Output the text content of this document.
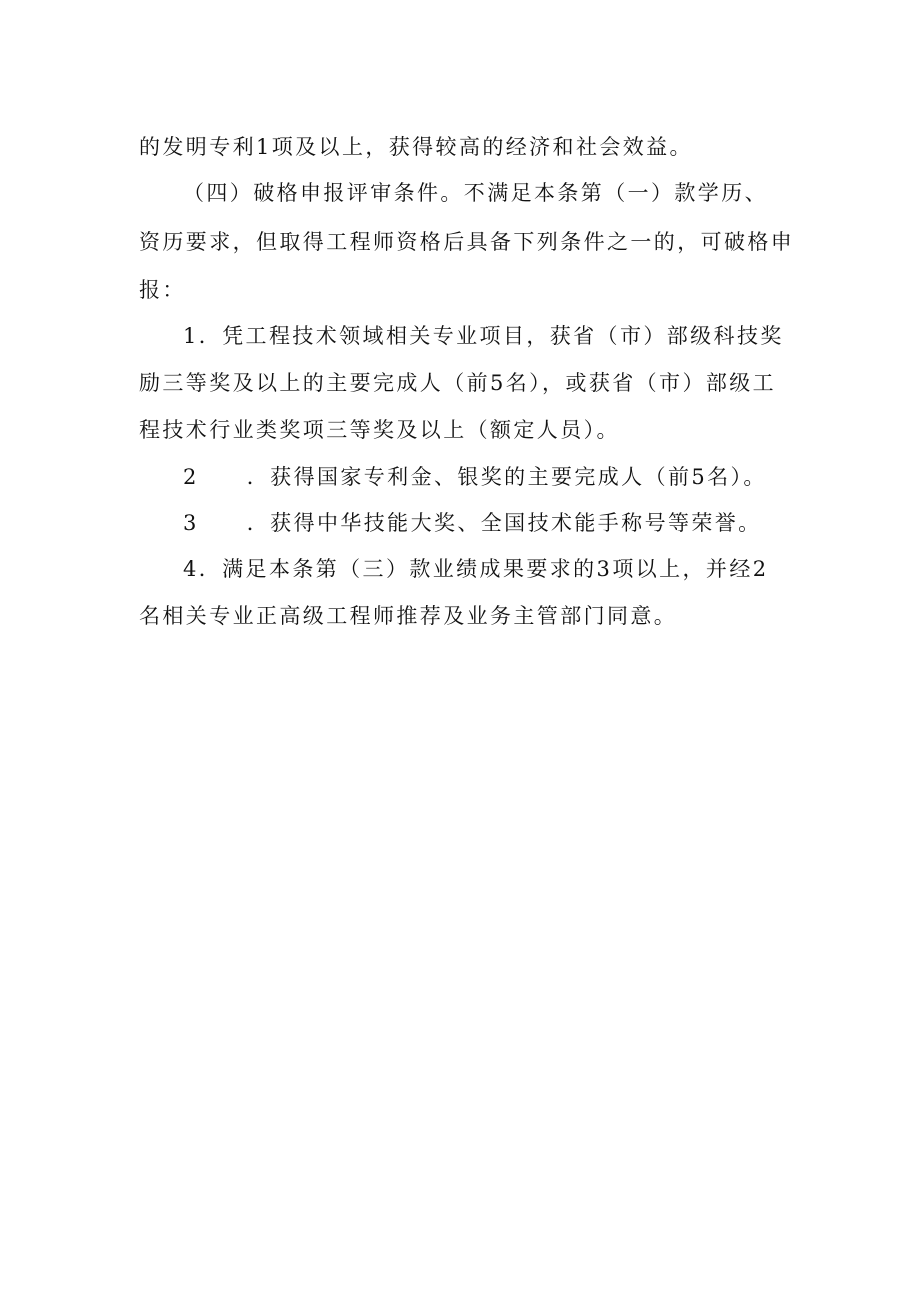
的发明专利1项及以上，获得较高的经济和社会效益。
（四）破格申报评审条件。不满足本条第（一）款学历、
资历要求，但取得工程师资格后具备下列条件之一的，可破格申
报：
1．凭工程技术领域相关专业项目，获省（市）部级科技奖
励三等奖及以上的主要完成人（前5名），或获省（市）部级工
程技术行业类奖项三等奖及以上（额定人员）。
2 ．获得国家专利金、银奖的主要完成人（前5名）。
3 ．获得中华技能大奖、全国技术能手称号等荣誉。
4．满足本条第（三）款业绩成果要求的3项以上，并经2
名相关专业正高级工程师推荐及业务主管部门同意。
